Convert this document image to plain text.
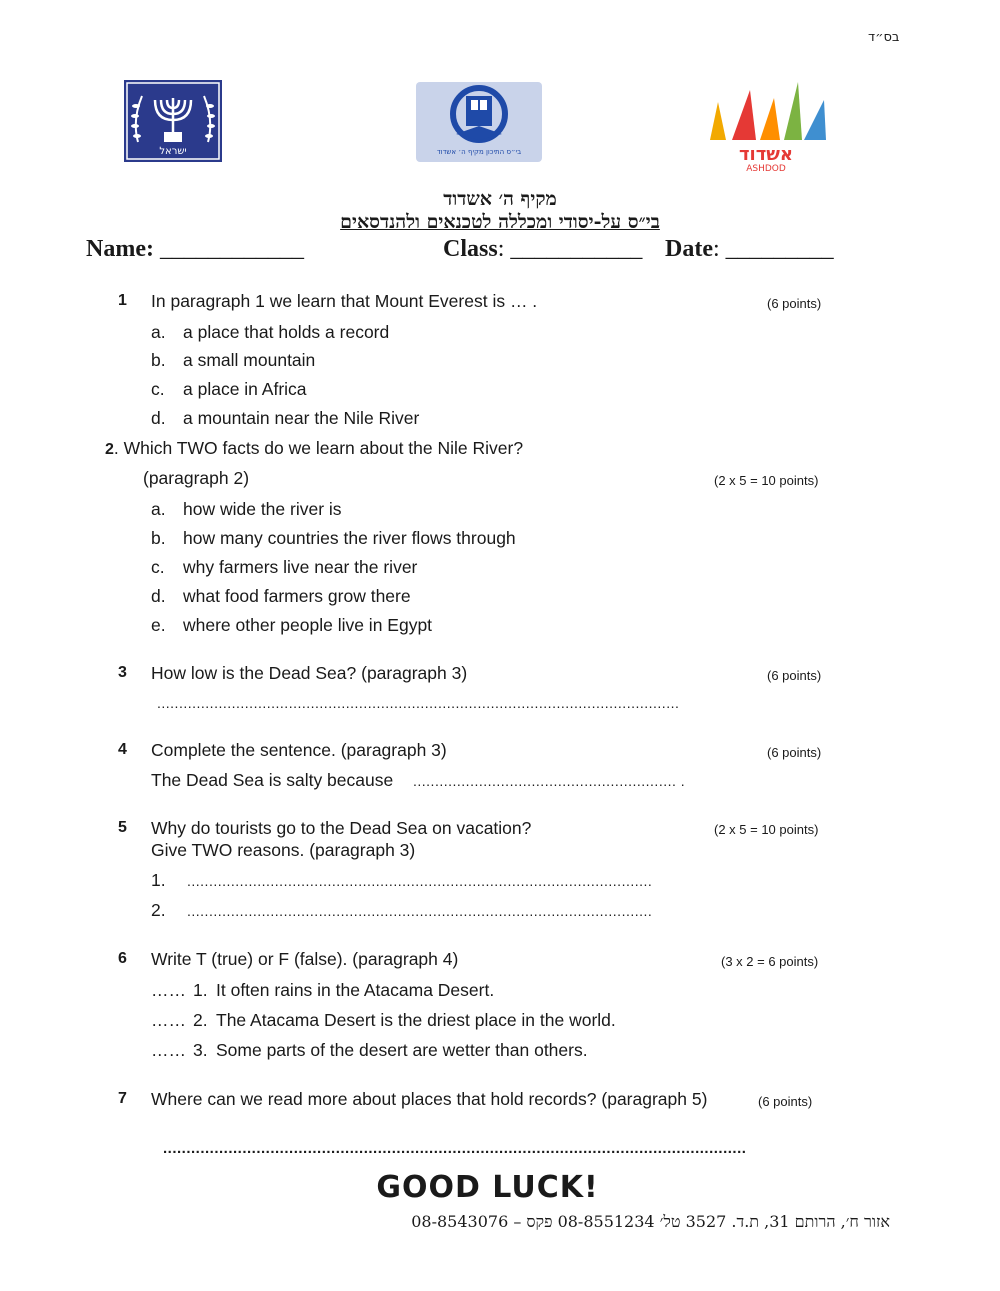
בס״ד
ישראל	בי״ס התיכון מקיף ה׳ אשדוד	אשדוד
ASHDOD
מקיף ה׳ אשדוד
בי״ס על-יסודי ומכללה לטכנאים ולהנדסאים
Name: ____________	Class: ___________ Date: _________
1 In paragraph 1 we learn that Mount Everest is … .	(6 points)
a. a place that holds a record
b. a small mountain
c. a place in Africa
d. a mountain near the Nile River
2. Which TWO facts do we learn about the Nile River?
(paragraph 2)	(2 x 5 = 10 points)
a. how wide the river is
b. how many countries the river flows through
c. why farmers live near the river
d. what food farmers grow there
e. where other people live in Egypt
3 How low is the Dead Sea? (paragraph 3)	(6 points)
.......................................................................................................................
4 Complete the sentence. (paragraph 3)	(6 points)
The Dead Sea is salty because ............................................................ .
5 Why do tourists go to the Dead Sea on vacation?	(2 x 5 = 10 points)
Give TWO reasons. (paragraph 3)
1. ..........................................................................................................
2. ..........................................................................................................
6 Write T (true) or F (false). (paragraph 4)	(3 x 2 = 6 points)
…… 1. It often rains in the Atacama Desert.
…… 2. The Atacama Desert is the driest place in the world.
…… 3. Some parts of the desert are wetter than others.
7 Where can we read more about places that hold records? (paragraph 5)	(6 points)
.............................................................................................................................
GOOD LUCK!
אזור ח׳, הרותם 31, ת.ד. 3527 טל׳ 08-8551234 פקס – 08-8543076
